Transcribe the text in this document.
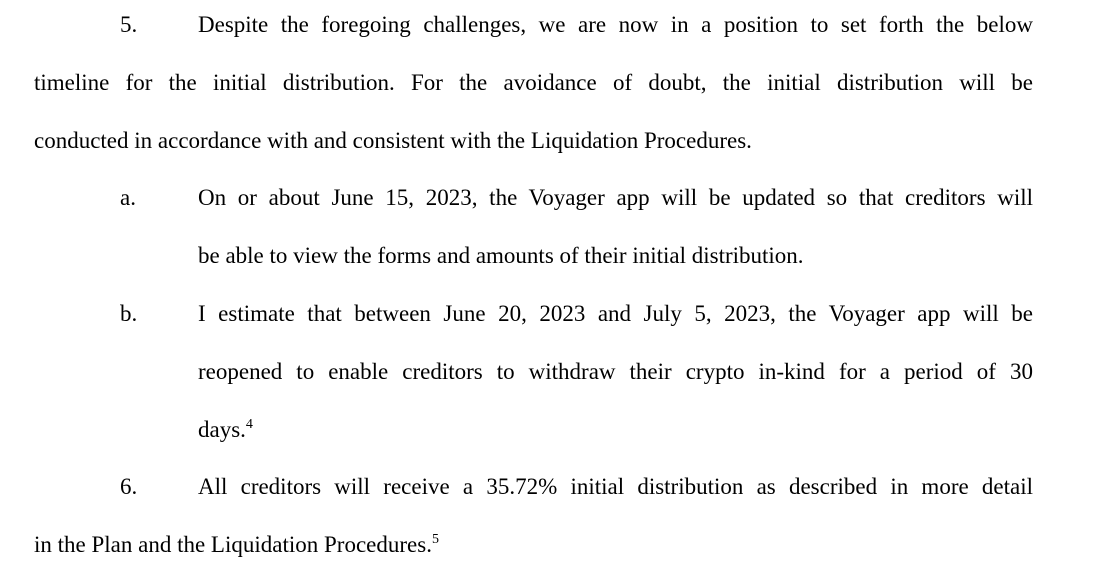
5.	Despite the foregoing challenges, we are now in a position to set forth the below
timeline for the initial distribution. For the avoidance of doubt, the initial distribution will be
conducted in accordance with and consistent with the Liquidation Procedures.
a.	On or about June 15, 2023, the Voyager app will be updated so that creditors will
be able to view the forms and amounts of their initial distribution.
b.	I estimate that between June 20, 2023 and July 5, 2023, the Voyager app will be
reopened to enable creditors to withdraw their crypto in-kind for a period of 30
days.$^4$
6.	All creditors will receive a 35.72% initial distribution as described in more detail
in the Plan and the Liquidation Procedures.$^5$
